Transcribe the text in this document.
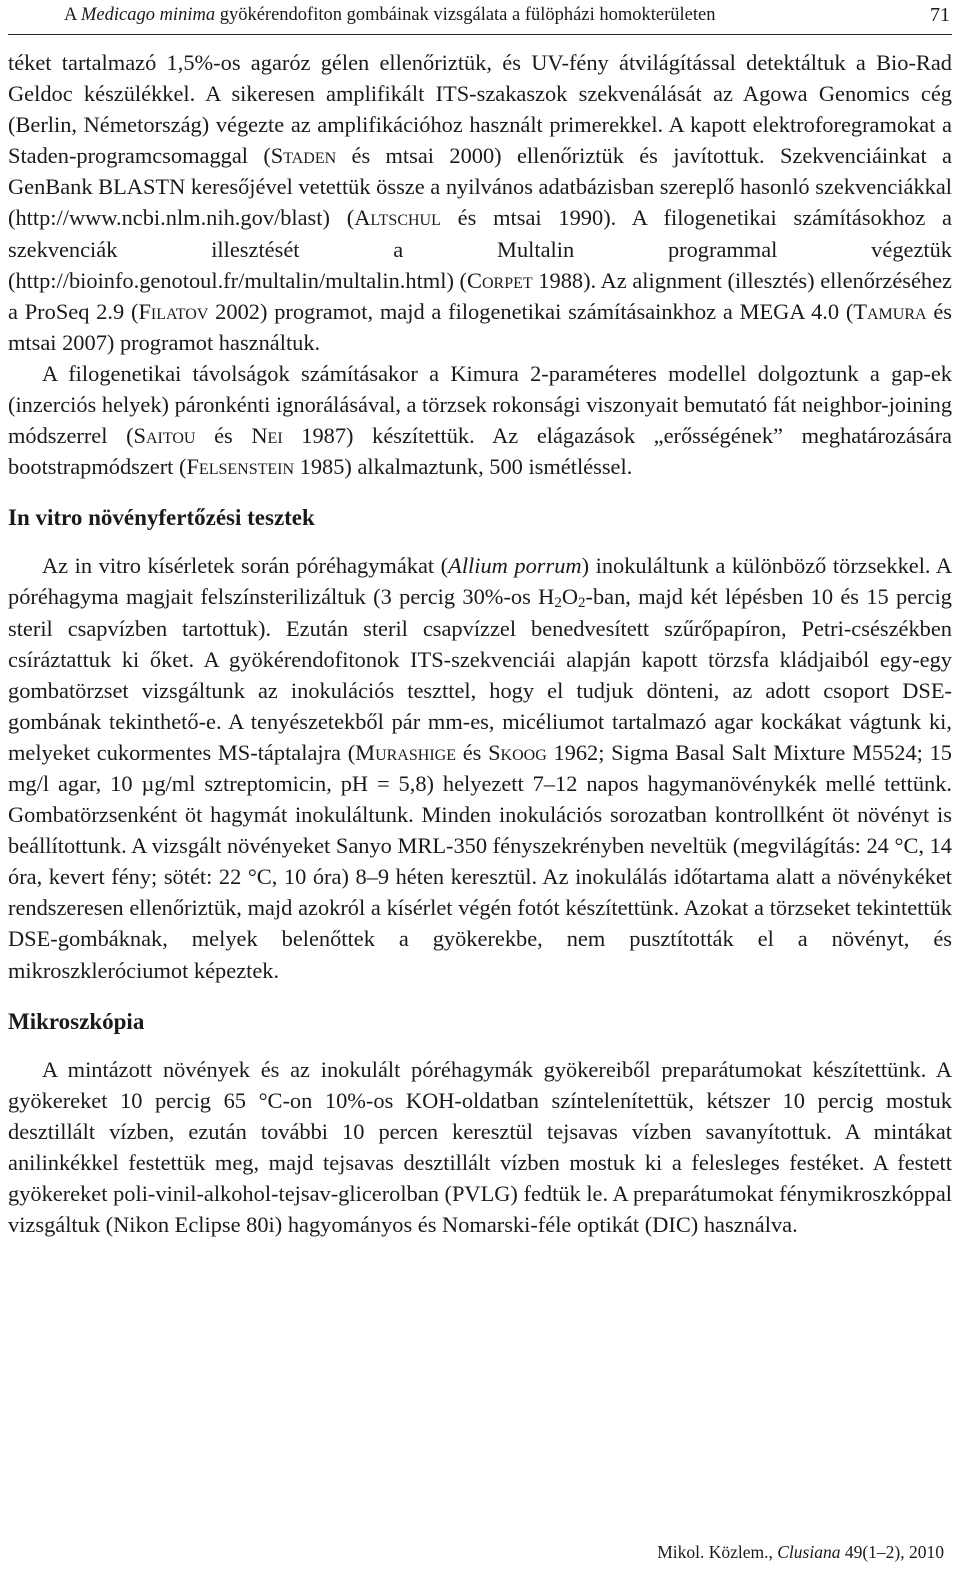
A Medicago minima gyökérendofiton gombáinak vizsgálata a fülöpházi homokterületen	71

téket tartalmazó 1,5%-os agaróz gélen ellenőriztük, és UV-fény átvilágítással detektáltuk a Bio-Rad Geldoc készülékkel. A sikeresen amplifikált ITS-szakaszok szekvenálását az Agowa Genomics cég (Berlin, Németország) végezte az amplifikációhoz használt primerekkel. A kapott elektroforegramokat a Staden-programcsomaggal (Staden és mtsai 2000) ellenőriztük és javítottuk. Szekvenciáinkat a GenBank BLASTN keresőjével vetettük össze a nyilvános adatbázisban szereplő hasonló szekvenciákkal (http://www.ncbi.nlm.nih.gov/blast) (Altschul és mtsai 1990). A filogenetikai számításokhoz a szekvenciák illesztését a Multalin programmal végeztük (http://bioinfo.genotoul.fr/multalin/multalin.html) (Corpet 1988). Az alignment (illesztés) ellenőrzéséhez a ProSeq 2.9 (Filatov 2002) programot, majd a filogenetikai számításainkhoz a MEGA 4.0 (Tamura és mtsai 2007) programot használtuk.

A filogenetikai távolságok számításakor a Kimura 2-paraméteres modellel dolgoztunk a gap-ek (inzerciós helyek) páronkénti ignorálásával, a törzsek rokonsági viszonyait bemutató fát neighbor-joining módszerrel (Saitou és Nei 1987) készítettük. Az elágazások „erősségének” meghatározására bootstrapmódszert (Felsenstein 1985) alkalmaztunk, 500 ismétléssel.

In vitro növényfertőzési tesztek

Az in vitro kísérletek során póréhagymákat (Allium porrum) inokuláltunk a különböző törzsekkel. A póréhagyma magjait felszínsterilizáltuk (3 percig 30%-os $H_2O_2$-ban, majd két lépésben 10 és 15 percig steril csapvízben tartottuk). Ezután steril csapvízzel benedvesített szűrőpapíron, Petri-csészékben csíráztattuk ki őket. A gyökérendofitonok ITS-szekvenciái alapján kapott törzsfa kládjaiból egy-egy gombatörzset vizsgáltunk az inokulációs teszttel, hogy el tudjuk dönteni, az adott csoport DSE-gombának tekinthető-e. A tenyészetekből pár mm-es, micéliumot tartalmazó agar kockákat vágtunk ki, melyeket cukormentes MS-táptalajra (Murashige és Skoog 1962; Sigma Basal Salt Mixture M5524; 15 mg/l agar, 10 µg/ml sztreptomicin, pH = 5,8) helyezett 7–12 napos hagymanövénykék mellé tettünk. Gombatörzsenként öt hagymát inokuláltunk. Minden inokulációs sorozatban kontrollként öt növényt is beállítottunk. A vizsgált növényeket Sanyo MRL-350 fényszekrényben neveltük (megvilágítás: 24 °C, 14 óra, kevert fény; sötét: 22 °C, 10 óra) 8–9 héten keresztül. Az inokulálás időtartama alatt a növénykéket rendszeresen ellenőriztük, majd azokról a kísérlet végén fotót készítettünk. Azokat a törzseket tekintettük DSE-gombáknak, melyek belenőttek a gyökerekbe, nem pusztították el a növényt, és mikroszkleróciumot képeztek.

Mikroszkópia

A mintázott növények és az inokulált póréhagymák gyökereiből preparátumokat készítettünk. A gyökereket 10 percig 65 °C-on 10%-os KOH-oldatban színtelenítettük, kétszer 10 percig mostuk desztillált vízben, ezután további 10 percen keresztül tejsavas vízben savanyítottuk. A mintákat anilinkékkel festettük meg, majd tejsavas desztillált vízben mostuk ki a felesleges festéket. A festett gyökereket poli-vinil-alkohol-tejsav-glicerolban (PVLG) fedtük le. A preparátumokat fénymikroszkóppal vizsgáltuk (Nikon Eclipse 80i) hagyományos és Nomarski-féle optikát (DIC) használva.

Mikol. Közlem., Clusiana 49(1–2), 2010
